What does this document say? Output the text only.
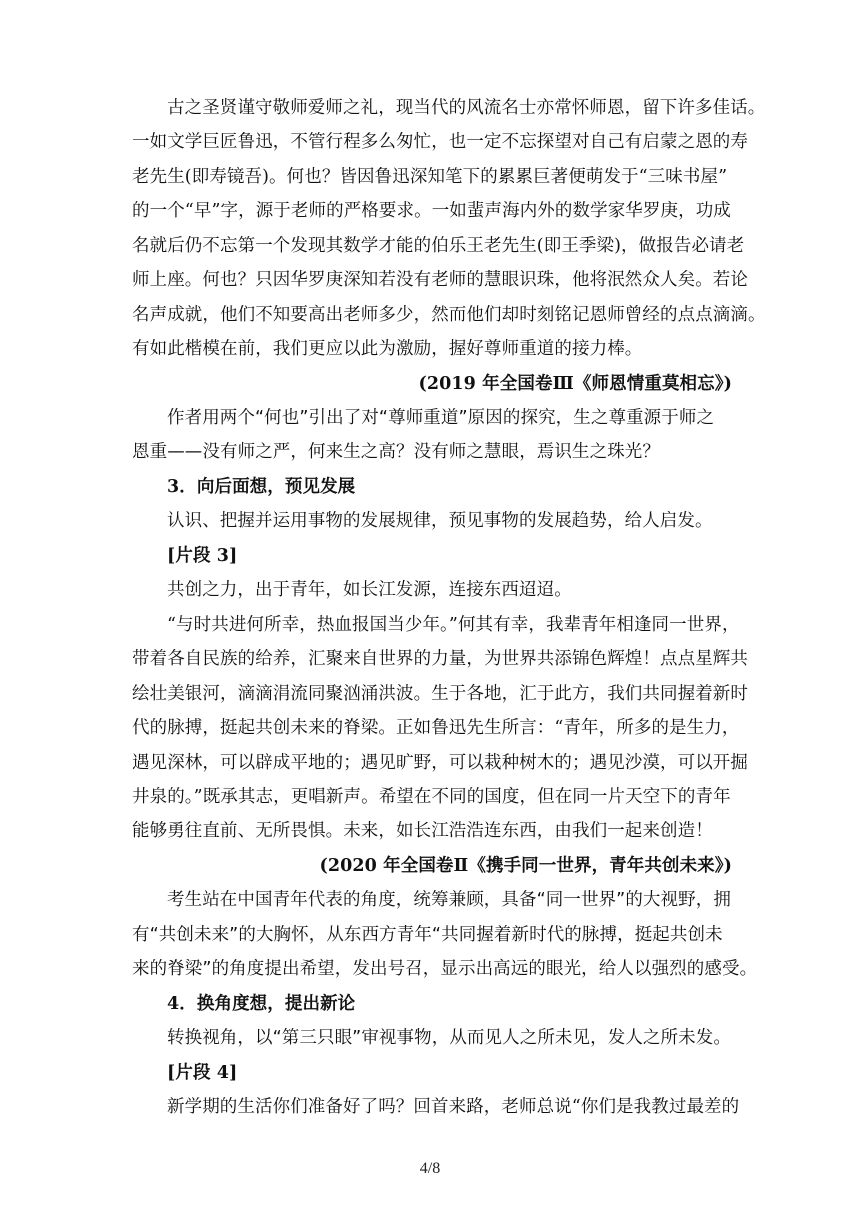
古之圣贤谨守敬师爱师之礼，现当代的风流名士亦常怀师恩，留下许多佳话。
一如文学巨匠鲁迅，不管行程多么匆忙，也一定不忘探望对自己有启蒙之恩的寿
老先生(即寿镜吾)。何也？皆因鲁迅深知笔下的累累巨著便萌发于“三味书屋”
的一个“早”字，源于老师的严格要求。一如蜚声海内外的数学家华罗庚，功成
名就后仍不忘第一个发现其数学才能的伯乐王老先生(即王季梁)，做报告必请老
师上座。何也？只因华罗庚深知若没有老师的慧眼识珠，他将泯然众人矣。若论
名声成就，他们不知要高出老师多少，然而他们却时刻铭记恩师曾经的点点滴滴。
有如此楷模在前，我们更应以此为激励，握好尊师重道的接力棒。
(2019 年全国卷Ⅲ《师恩情重莫相忘》)
作者用两个“何也”引出了对“尊师重道”原因的探究，生之尊重源于师之
恩重——没有师之严，何来生之高？没有师之慧眼，焉识生之珠光？
3．向后面想，预见发展
认识、把握并运用事物的发展规律，预见事物的发展趋势，给人启发。
[片段 3]
共创之力，出于青年，如长江发源，连接东西迢迢。
“与时共进何所幸，热血报国当少年。”何其有幸，我辈青年相逢同一世界，
带着各自民族的给养，汇聚来自世界的力量，为世界共添锦色辉煌！点点星辉共
绘壮美银河，滴滴涓流同聚汹涌洪波。生于各地，汇于此方，我们共同握着新时
代的脉搏，挺起共创未来的脊梁。正如鲁迅先生所言：“青年，所多的是生力，
遇见深林，可以辟成平地的；遇见旷野，可以栽种树木的；遇见沙漠，可以开掘
井泉的。”既承其志，更唱新声。希望在不同的国度，但在同一片天空下的青年
能够勇往直前、无所畏惧。未来，如长江浩浩连东西，由我们一起来创造！
(2020 年全国卷Ⅱ《携手同一世界，青年共创未来》)
考生站在中国青年代表的角度，统筹兼顾，具备“同一世界”的大视野，拥
有“共创未来”的大胸怀，从东西方青年“共同握着新时代的脉搏，挺起共创未
来的脊梁”的角度提出希望，发出号召，显示出高远的眼光，给人以强烈的感受。
4．换角度想，提出新论
转换视角，以“第三只眼”审视事物，从而见人之所未见，发人之所未发。
[片段 4]
新学期的生活你们准备好了吗？回首来路，老师总说“你们是我教过最差的
4/8
